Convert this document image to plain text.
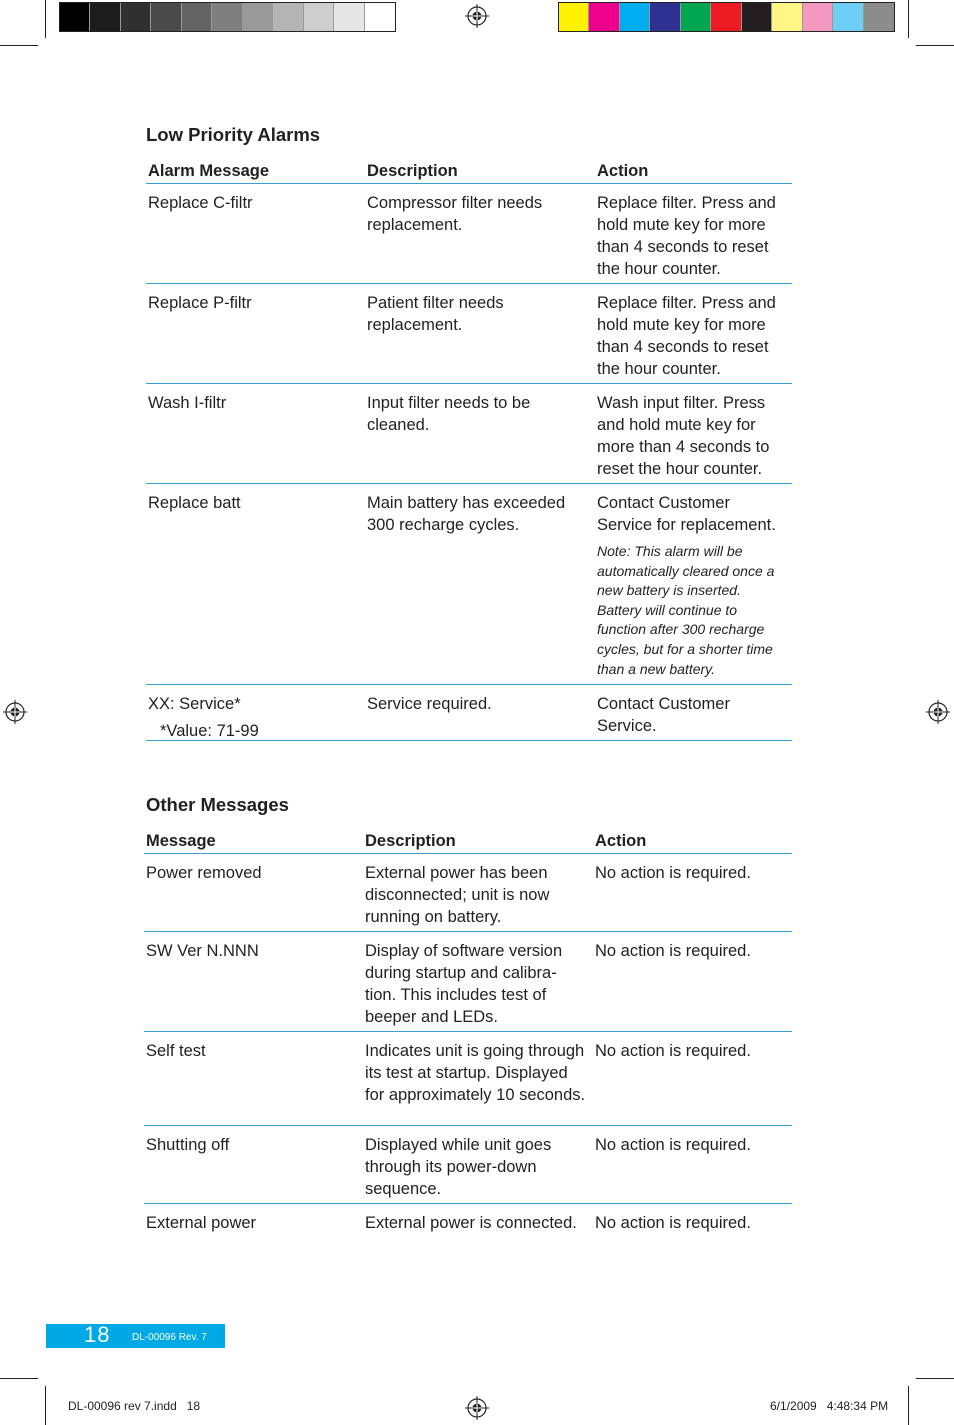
Low Priority Alarms
Alarm Message	Description	Action
Replace C-filtr	Compressor filter needs replacement.	Replace filter. Press and hold mute key for more than 4 seconds to reset the hour counter.
Replace P-filtr	Patient filter needs replacement.	Replace filter. Press and hold mute key for more than 4 seconds to reset the hour counter.
Wash I-filtr	Input filter needs to be cleaned.	Wash input filter. Press and hold mute key for more than 4 seconds to reset the hour counter.
Replace batt	Main battery has exceeded 300 recharge cycles.	Contact Customer Service for replacement.
Note: This alarm will be automatically cleared once a new battery is inserted. Battery will continue to function after 300 recharge cycles, but for a shorter time than a new battery.

XX: Service*	Service required.	Contact Customer Service.
*Value: 71-99
Other Messages
Message	Description	Action
Power removed	External power has been disconnected; unit is now running on battery.	No action is required.
SW Ver N.NNN	Display of software version during startup and calibra-tion. This includes test of beeper and LEDs.	No action is required.
Self test	Indicates unit is going through its test at startup. Displayed for approximately 10 seconds.	No action is required.
Shutting off	Displayed while unit goes through its power-down sequence.	No action is required.
External power	External power is connected.	No action is required.
18 DL-00096 Rev. 7
DL-00096 rev 7.indd   18	6/1/2009   4:48:34 PM
